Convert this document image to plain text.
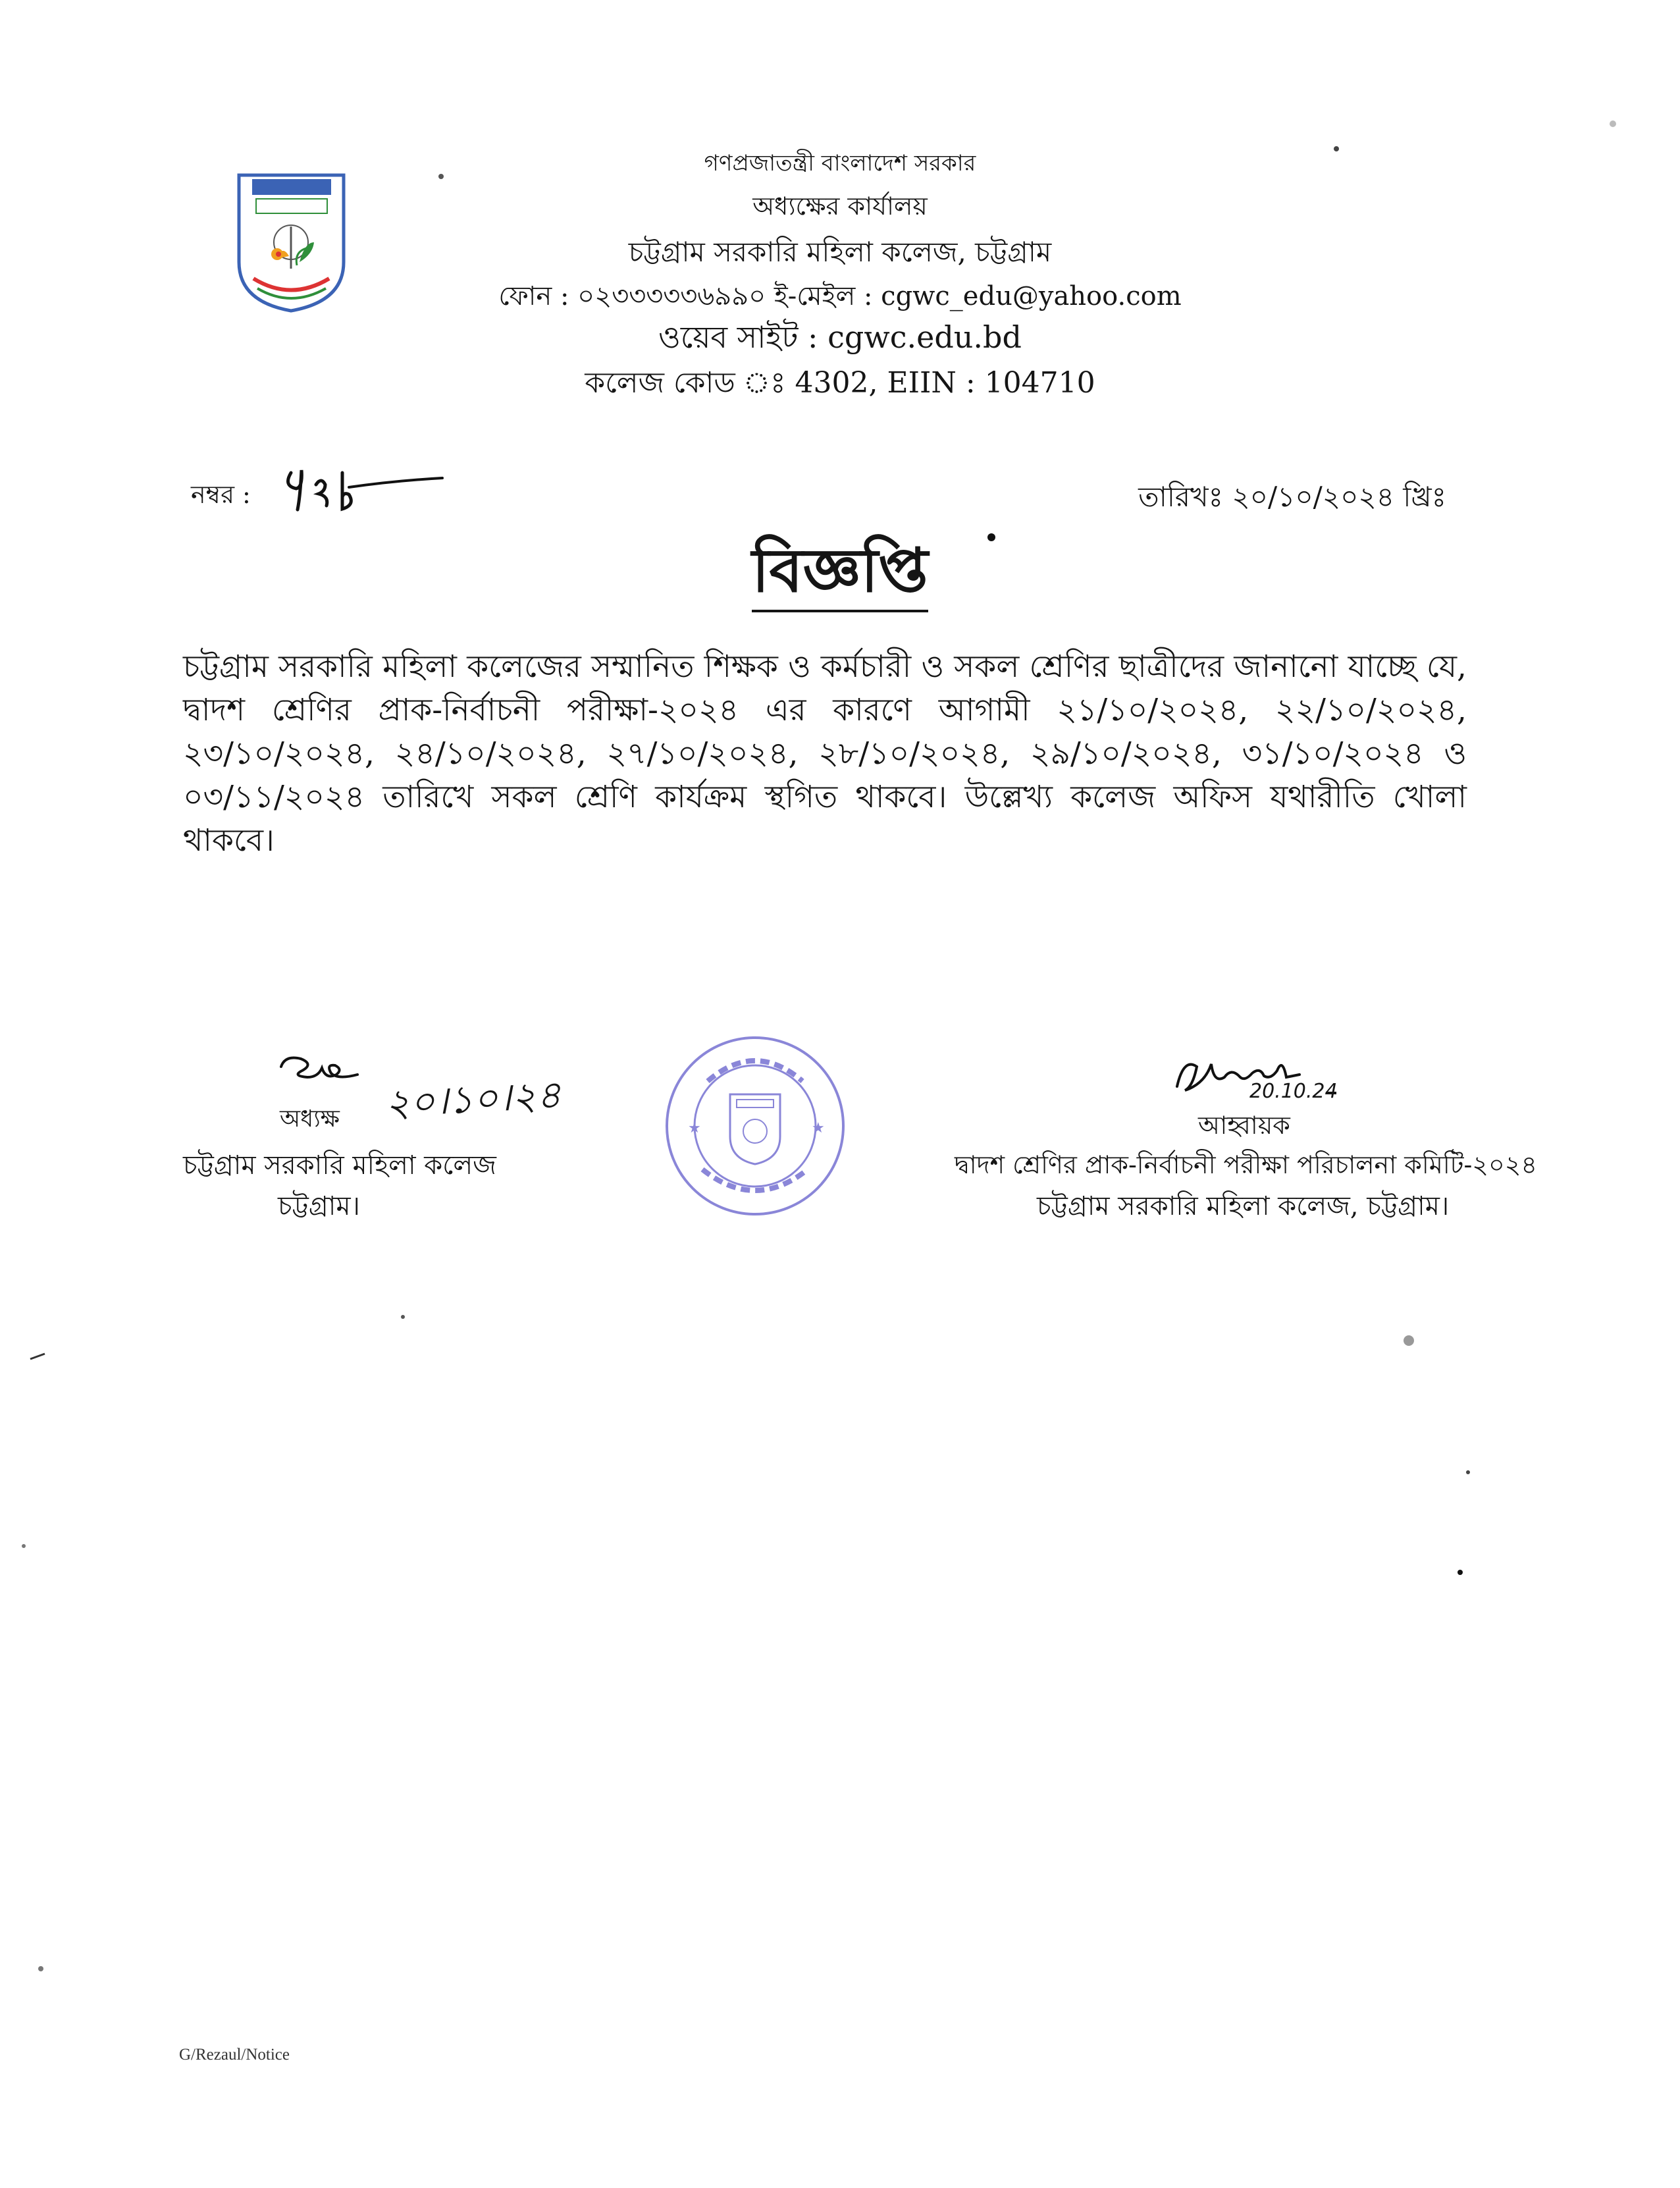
গণপ্রজাতন্ত্রী বাংলাদেশ সরকার
অধ্যক্ষের কার্যালয়
চট্টগ্রাম সরকারি মহিলা কলেজ, চট্টগ্রাম
ফোন : ০২৩৩৩৩৩৬৯৯০ ই-মেইল : cgwc_edu@yahoo.com
ওয়েব সাইট : cgwc.edu.bd
কলেজ কোড ঃ 4302, EIIN : 104710
নম্বর :	তারিখঃ ২০/১০/২০২৪ খ্রিঃ
বিজ্ঞপ্তি
চট্টগ্রাম সরকারি মহিলা কলেজের সম্মানিত শিক্ষক ও কর্মচারী ও সকল শ্রেণির ছাত্রীদের জানানো যাচ্ছে যে, দ্বাদশ শ্রেণির প্রাক-নির্বাচনী পরীক্ষা-২০২৪ এর কারণে আগামী ২১/১০/২০২৪, ২২/১০/২০২৪, ২৩/১০/২০২৪, ২৪/১০/২০২৪, ২৭/১০/২০২৪, ২৮/১০/২০২৪, ২৯/১০/২০২৪, ৩১/১০/২০২৪ ও ০৩/১১/২০২৪ তারিখে সকল শ্রেণি কার্যক্রম স্থগিত থাকবে। উল্লেখ্য কলেজ অফিস যথারীতি খোলা থাকবে।
২০।১০।২৪
অধ্যক্ষ
চট্টগ্রাম সরকারি মহিলা কলেজ
চট্টগ্রাম।
★	★
20.10.24
আহ্বায়ক
দ্বাদশ শ্রেণির প্রাক-নির্বাচনী পরীক্ষা পরিচালনা কমিটি-২০২৪
চট্টগ্রাম সরকারি মহিলা কলেজ, চট্টগ্রাম।
G/Rezaul/Notice
